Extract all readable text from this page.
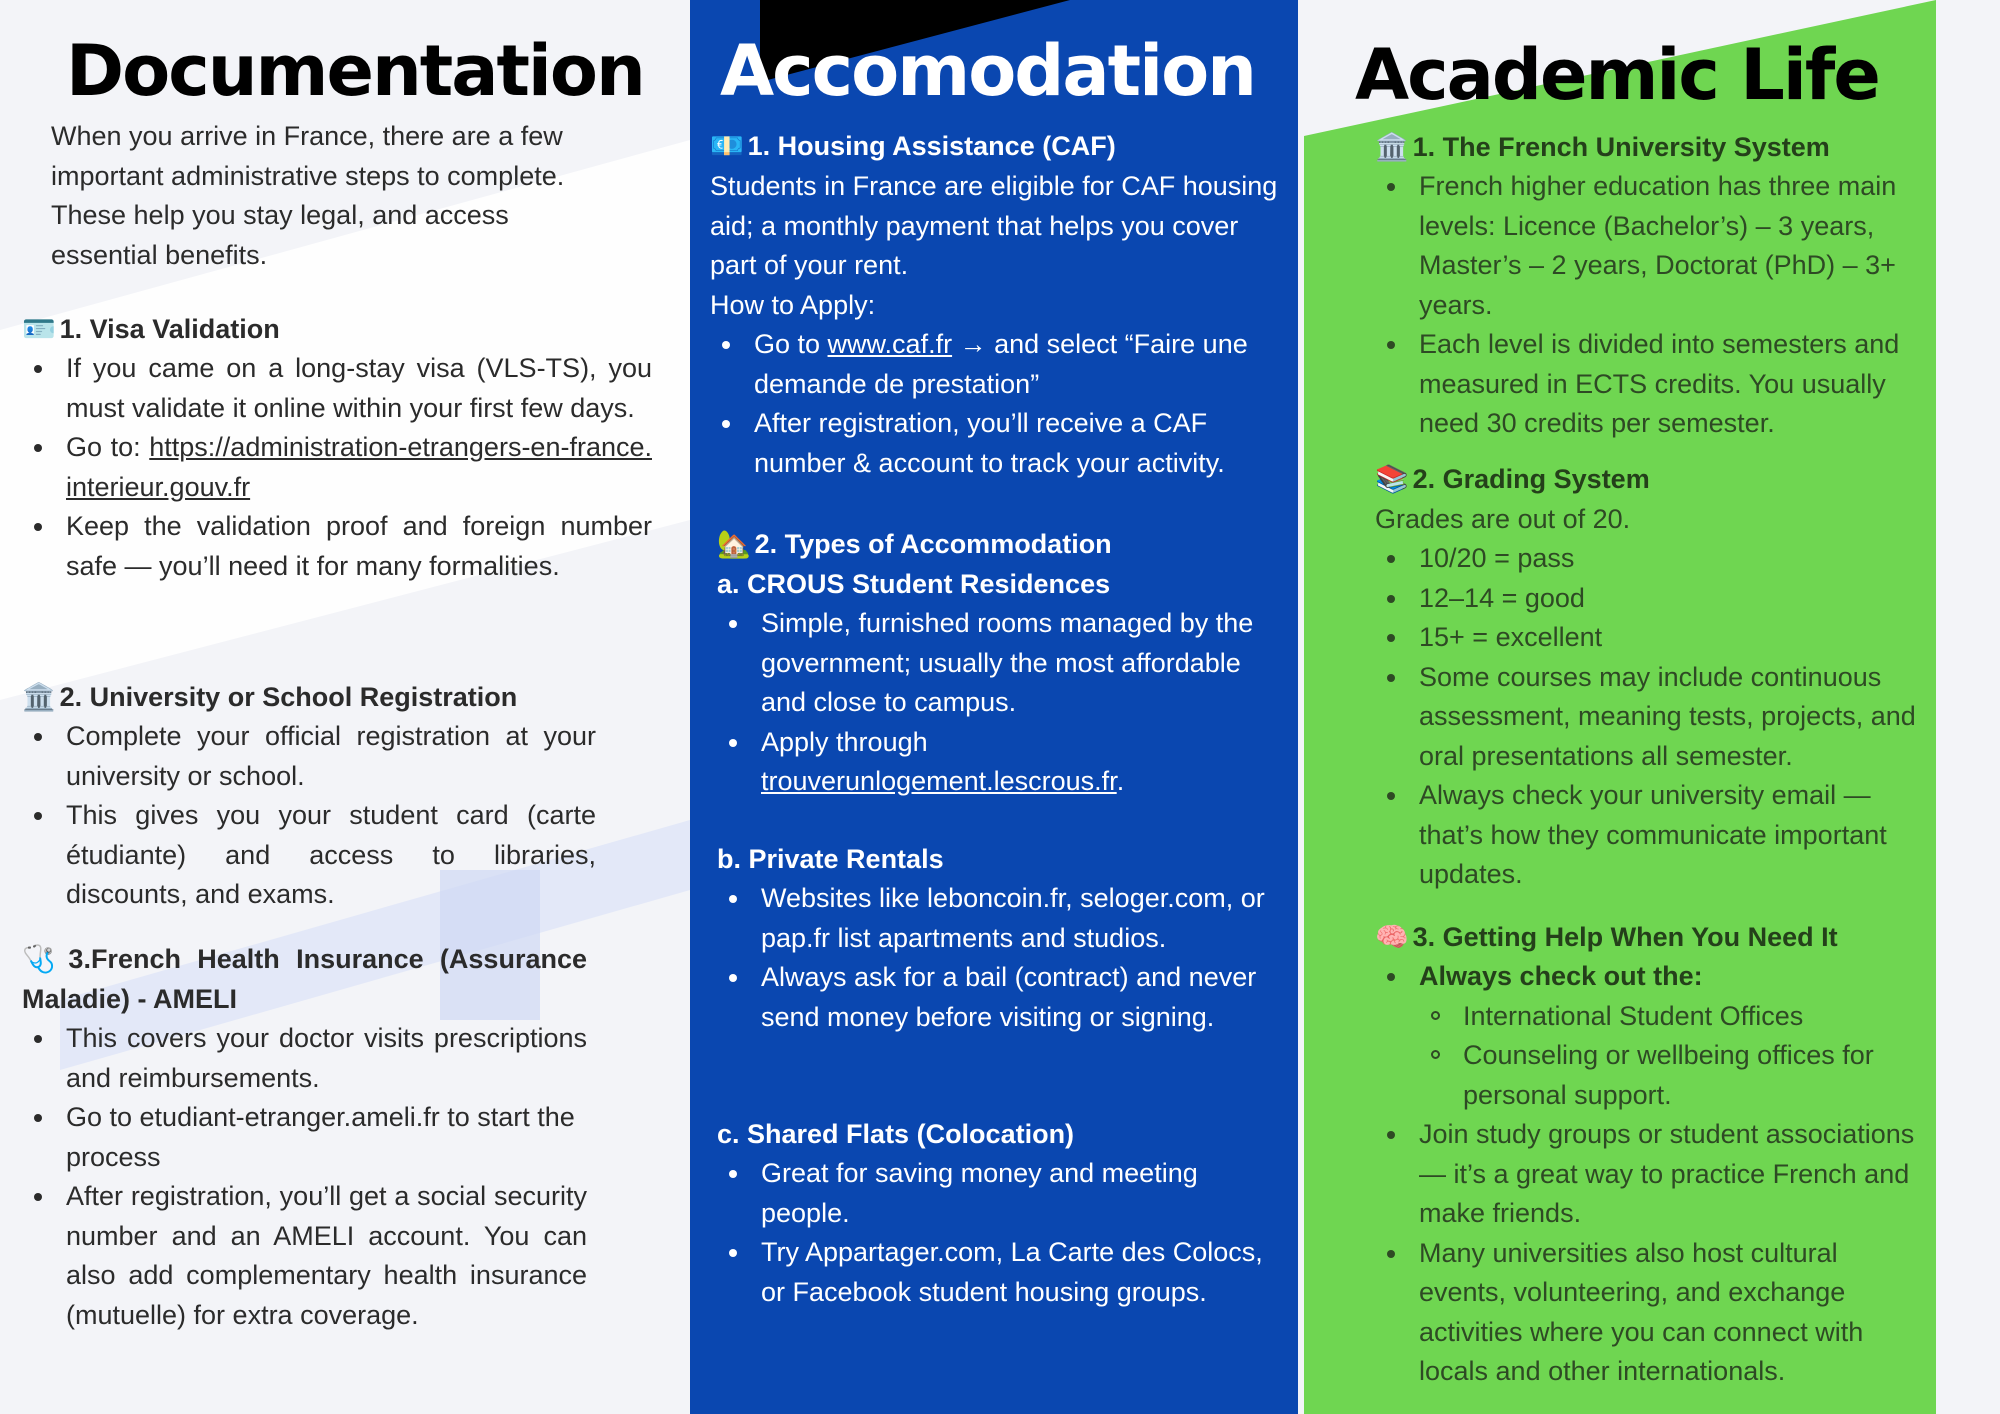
Documentation
When you arrive in France, there are a few important administrative steps to complete. These help you stay legal, and access essential benefits.
🪪 1. Visa Validation
If you came on a long-stay visa (VLS-TS), you must validate it online within your first few days.
Go to: https://administration-etrangers-en-france.interieur.gouv.fr
Keep the validation proof and foreign number safe — you’ll need it for many formalities.
🏛️ 2. University or School Registration
Complete your official registration at your university or school.
This gives you your student card (carte étudiante) and access to libraries, discounts, and exams.
🩺 3.French Health Insurance (Assurance Maladie) - AMELI
This covers your doctor visits prescriptions and reimbursements.
Go to etudiant-etranger.ameli.fr to start the process
After registration, you’ll get a social security number and an AMELI account. You can also add complementary health insurance (mutuelle) for extra coverage.
Accomodation
💶 1. Housing Assistance (CAF)
Students in France are eligible for CAF housing aid; a monthly payment that helps you cover part of your rent.
How to Apply:
Go to www.caf.fr → and select “Faire une demande de prestation”
After registration, you’ll receive a CAF number & account to track your activity.
🏡 2. Types of Accommodation
a. CROUS Student Residences
Simple, furnished rooms managed by the government; usually the most affordable and close to campus.
Apply through
trouverunlogement.lescrous.fr.
b. Private Rentals
Websites like leboncoin.fr, seloger.com, or pap.fr list apartments and studios.
Always ask for a bail (contract) and never send money before visiting or signing.
c. Shared Flats (Colocation)
Great for saving money and meeting people.
Try Appartager.com, La Carte des Colocs, or Facebook student housing groups.
Academic Life
🏛️ 1. The French University System
French higher education has three main levels: Licence (Bachelor’s) – 3 years, Master’s – 2 years, Doctorat (PhD) – 3+ years.
Each level is divided into semesters and measured in ECTS credits. You usually need 30 credits per semester.
📚 2. Grading System
Grades are out of 20.
10/20 = pass
12–14 = good
15+ = excellent
Some courses may include continuous assessment, meaning tests, projects, and oral presentations all semester.
Always check your university email — that’s how they communicate important updates.
🧠 3. Getting Help When You Need It
Always check out the:
International Student Offices
Counseling or wellbeing offices for personal support.
Join study groups or student associations — it’s a great way to practice French and make friends.
Many universities also host cultural events, volunteering, and exchange activities where you can connect with locals and other internationals.
